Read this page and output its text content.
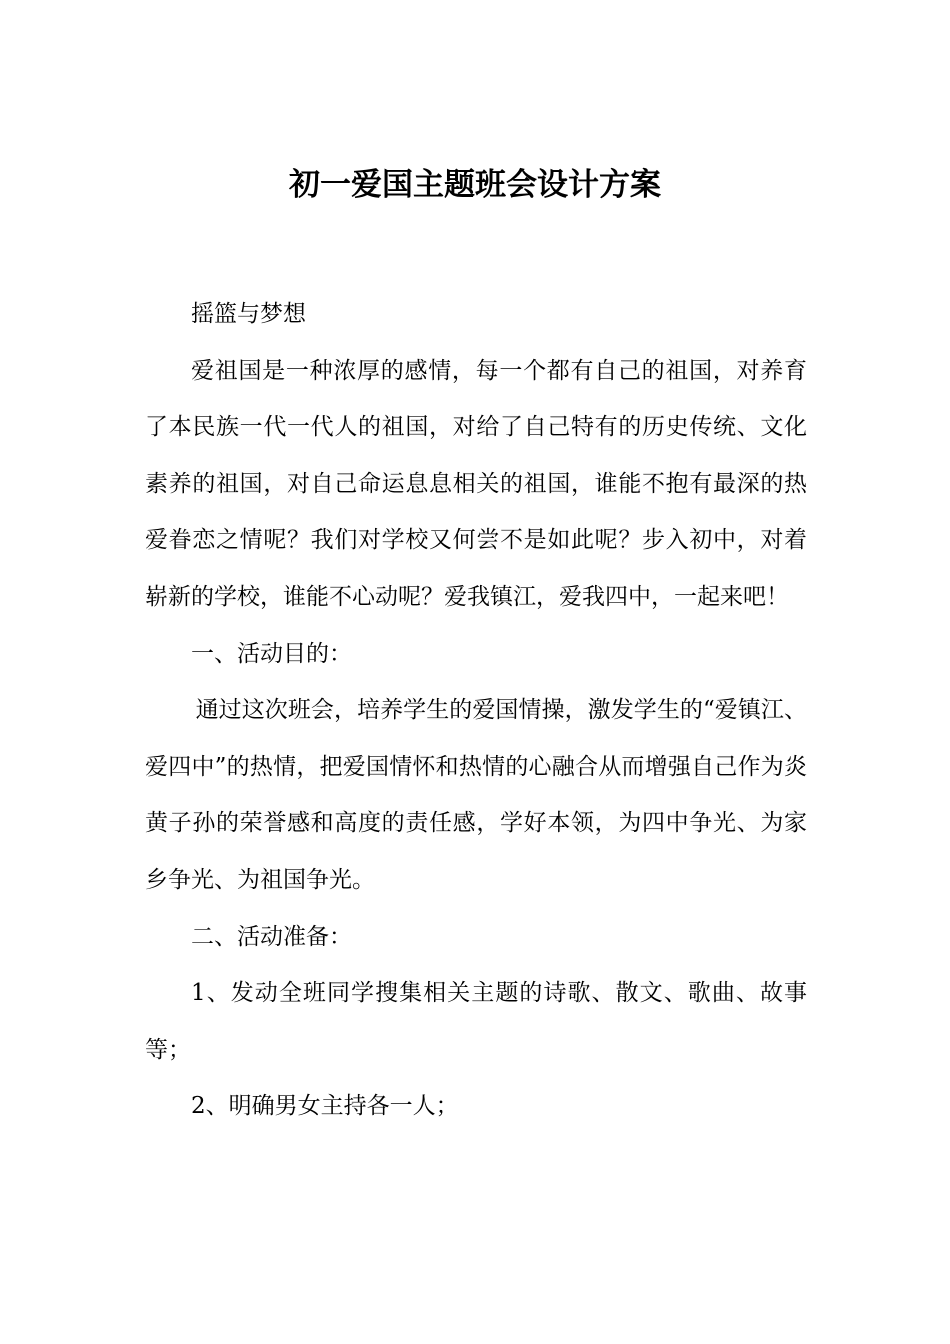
初一爱国主题班会设计方案

摇篮与梦想

爱祖国是一种浓厚的感情，每一个都有自己的祖国，对养育了本民族一代一代人的祖国，对给了自己特有的历史传统、文化素养的祖国，对自己命运息息相关的祖国，谁能不抱有最深的热爱眷恋之情呢？我们对学校又何尝不是如此呢？步入初中，对着崭新的学校，谁能不心动呢？爱我镇江，爱我四中，一起来吧！

一、活动目的：

通过这次班会，培养学生的爱国情操，激发学生的“爱镇江、爱四中”的热情，把爱国情怀和热情的心融合从而增强自己作为炎黄子孙的荣誉感和高度的责任感，学好本领，为四中争光、为家乡争光、为祖国争光。

二、活动准备：

1、发动全班同学搜集相关主题的诗歌、散文、歌曲、故事等；

2、明确男女主持各一人；
